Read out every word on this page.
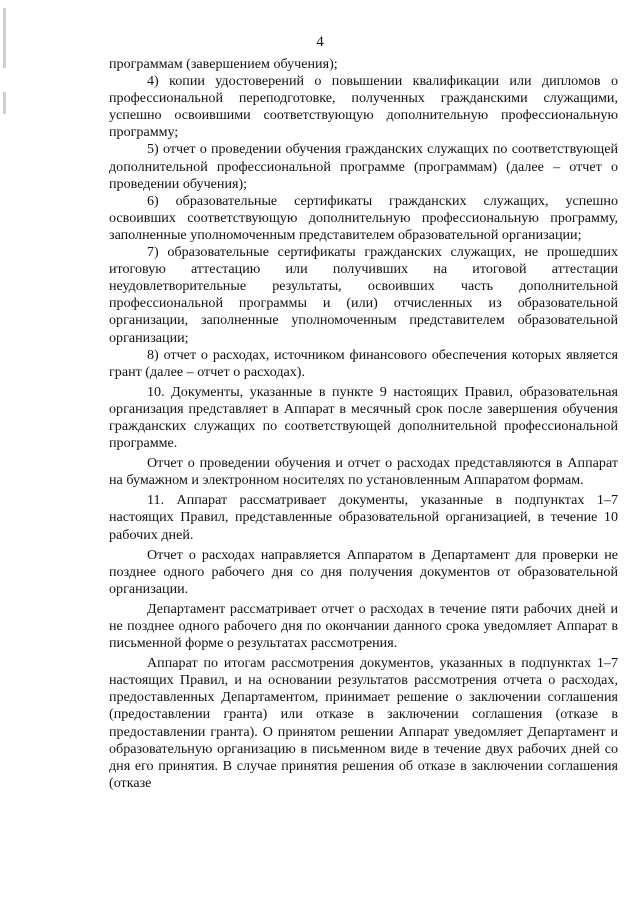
4

программам (завершением обучения);

4) копии удостоверений о повышении квалификации или дипломов о профессиональной переподготовке, полученных гражданскими служащими, успешно освоившими соответствующую дополнительную профессиональную программу;

5) отчет о проведении обучения гражданских служащих по соответствующей дополнительной профессиональной программе (программам) (далее – отчет о проведении обучения);

6) образовательные сертификаты гражданских служащих, успешно освоивших соответствующую дополнительную профессиональную программу, заполненные уполномоченным представителем образовательной организации;

7) образовательные сертификаты гражданских служащих, не прошедших итоговую аттестацию или получивших на итоговой аттестации неудовлетворительные результаты, освоивших часть дополнительной профессиональной программы и (или) отчисленных из образовательной организации, заполненные уполномоченным представителем образовательной организации;

8) отчет о расходах, источником финансового обеспечения которых является грант (далее – отчет о расходах).

10. Документы, указанные в пункте 9 настоящих Правил, образовательная организация представляет в Аппарат в месячный срок после завершения обучения гражданских служащих по соответствующей дополнительной профессиональной программе.

Отчет о проведении обучения и отчет о расходах представляются в Аппарат на бумажном и электронном носителях по установленным Аппаратом формам.

11. Аппарат рассматривает документы, указанные в подпунктах 1–7 настоящих Правил, представленные образовательной организацией, в течение 10 рабочих дней.

Отчет о расходах направляется Аппаратом в Департамент для проверки не позднее одного рабочего дня со дня получения документов от образовательной организации.

Департамент рассматривает отчет о расходах в течение пяти рабочих дней и не позднее одного рабочего дня по окончании данного срока уведомляет Аппарат в письменной форме о результатах рассмотрения.

Аппарат по итогам рассмотрения документов, указанных в подпунктах 1–7 настоящих Правил, и на основании результатов рассмотрения отчета о расходах, предоставленных Департаментом, принимает решение о заключении соглашения (предоставлении гранта) или отказе в заключении соглашения (отказе в предоставлении гранта). О принятом решении Аппарат уведомляет Департамент и образовательную организацию в письменном виде в течение двух рабочих дней со дня его принятия. В случае принятия решения об отказе в заключении соглашения (отказе
